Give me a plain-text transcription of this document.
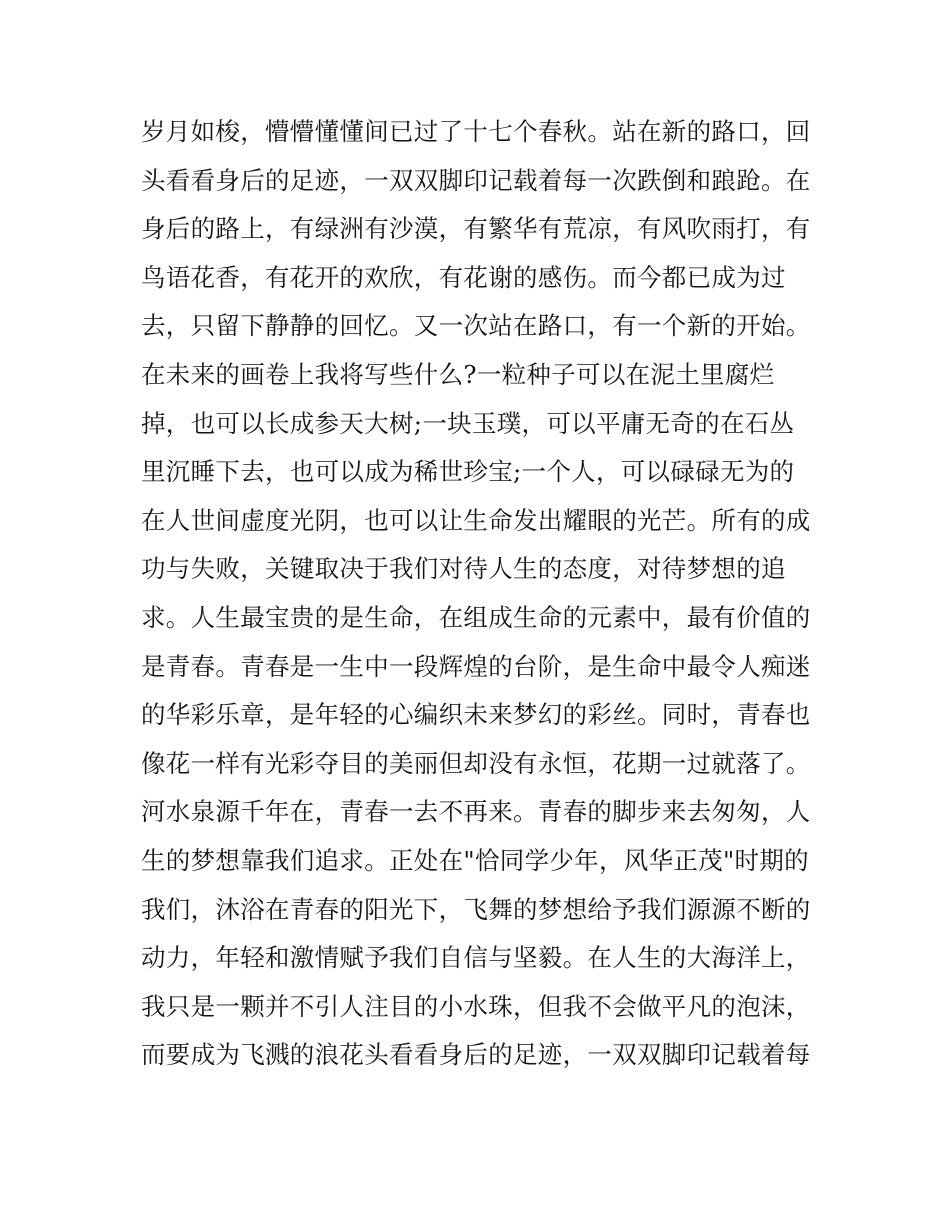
岁月如梭，懵懵懂懂间已过了十七个春秋。站在新的路口，回
头看看身后的足迹，一双双脚印记载着每一次跌倒和踉跄。在
身后的路上，有绿洲有沙漠，有繁华有荒凉，有风吹雨打，有
鸟语花香，有花开的欢欣，有花谢的感伤。而今都已成为过
去，只留下静静的回忆。又一次站在路口，有一个新的开始。
在未来的画卷上我将写些什么?一粒种子可以在泥土里腐烂
掉，也可以长成参天大树;一块玉璞，可以平庸无奇的在石丛
里沉睡下去，也可以成为稀世珍宝;一个人，可以碌碌无为的
在人世间虚度光阴，也可以让生命发出耀眼的光芒。所有的成
功与失败，关键取决于我们对待人生的态度，对待梦想的追
求。人生最宝贵的是生命，在组成生命的元素中，最有价值的
是青春。青春是一生中一段辉煌的台阶，是生命中最令人痴迷
的华彩乐章，是年轻的心编织未来梦幻的彩丝。同时，青春也
像花一样有光彩夺目的美丽但却没有永恒，花期一过就落了。
河水泉源千年在，青春一去不再来。青春的脚步来去匆匆，人
生的梦想靠我们追求。正处在"恰同学少年，风华正茂"时期的
我们，沐浴在青春的阳光下，飞舞的梦想给予我们源源不断的
动力，年轻和激情赋予我们自信与坚毅。在人生的大海洋上，
我只是一颗并不引人注目的小水珠，但我不会做平凡的泡沫，
而要成为飞溅的浪花头看看身后的足迹，一双双脚印记载着每
